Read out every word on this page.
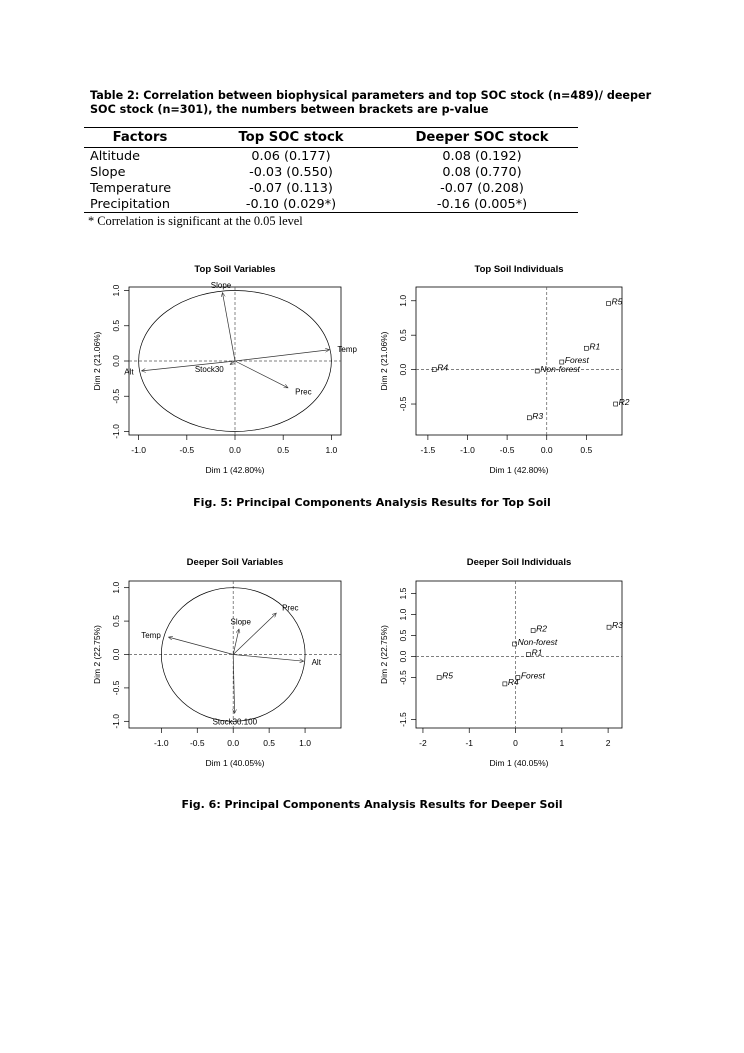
Table 2: Correlation between biophysical parameters and top SOC stock (n=489)/ deeper SOC stock (n=301), the numbers between brackets are p-value
Factors	Top SOC stock	Deeper SOC stock
Altitude	0.06 (0.177)	0.08 (0.192)
Slope	-0.03 (0.550)	0.08 (0.770)
Temperature	-0.07 (0.113)	-0.07 (0.208)
Precipitation	-0.10 (0.029*)	-0.16 (0.005*)
* Correlation is significant at the 0.05 level
Top Soil Variables
-1.0	-0.5	0.0	0.5	1.0
-1.0
-0.5
0.0
0.5
1.0
Dim 1 (42.80%)
Dim 2 (21.06%)
Slope
Temp
Alt	Stock30
Prec
Top Soil Individuals
-1.5	-1.0	-0.5	0.0	0.5
-0.5
0.0
0.5
1.0
Dim 1 (42.80%)
Dim 2 (21.06%)
R5
R1
Forest
R4	Non-forest
R2
R3
Fig. 5: Principal Components Analysis Results for Top Soil
Deeper Soil Variables
-1.0	-0.5	0.0	0.5	1.0
-1.0
-0.5
0.0
0.5
1.0
Dim 1 (40.05%)
Dim 2 (22.75%)
Prec
Slope
Temp
Alt
Stock30.100
Deeper Soil Individuals
-2	-1	0	1	2
-1.5
-0.5
0.0
0.5
1.0
1.5
Dim 1 (40.05%)
Dim 2 (22.75%)	R3
R2
Non-forest
R1
Forest
R5
R4
Fig. 6: Principal Components Analysis Results for Deeper Soil
